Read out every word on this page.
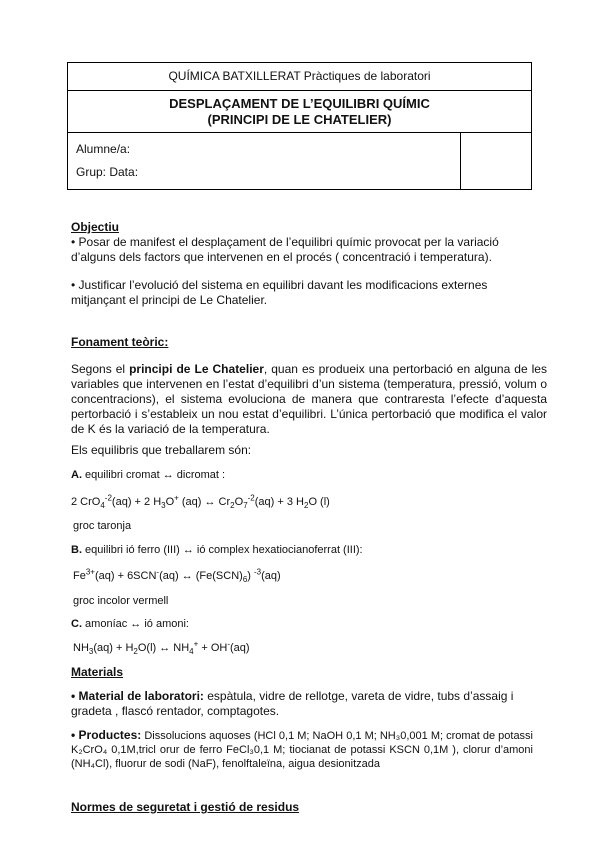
QUÍMICA BATXILLERAT Pràctiques de laboratori
DESPLAÇAMENT DE L’EQUILIBRI QUÍMIC
(PRINCIPI DE LE CHATELIER)
Alumne/a:
Grup: Data:
Objectiu
• Posar de manifest el desplaçament de l’equilibri químic provocat per la variació d’alguns dels factors que intervenen en el procés ( concentració i temperatura).
• Justificar l’evolució del sistema en equilibri davant les modificacions externes mitjançant el principi de Le Chatelier.
Fonament teòric:
Segons el principi de Le Chatelier, quan es produeix una pertorbació en alguna de les variables que intervenen en l’estat d’equilibri d’un sistema (temperatura, pressió, volum o concentracions), el sistema evoluciona de manera que contraresta l’efecte d’aquesta pertorbació i s’estableix un nou estat d’equilibri. L’única pertorbació que modifica el valor de K és la variació de la temperatura.
Els equilibris que treballarem són:
A. equilibri cromat ↔ dicromat :
2 CrO$_4^{-2}$(aq) + 2 $H_3O^+$ (aq) ↔ $Cr_2O_7^{-2}(aq) + 3$ $H_2O$ (l)
groc taronja
B. equilibri ió ferro (III) ↔ ió complex hexatiocianoferrat (III):
$Fe^{3+}(aq) + 6SCN^-(aq)$ ↔ $(Fe(SCN)_6)$ $^{-3}$(aq)
groc incolor vermell
C. amoníac ↔ ió amoni:
$NH_3(aq) + H_2O(l)$ ↔ $NH_4^+ + OH^-(aq)$
Materials
• Material de laboratori: espàtula, vidre de rellotge, vareta de vidre, tubs d’assaig i gradeta , flascó rentador, comptagotes.
• Productes: Dissolucions aquoses (HCl 0,1 M; NaOH 0,1 M; NH₃0,001 M; cromat de potassi K₂CrO₄ 0,1M,tricl orur de ferro FeCl₃0,1 M; tiocianat de potassi KSCN 0,1M ), clorur d’amoni (NH₄Cl), fluorur de sodi (NaF), fenolftaleïna, aigua desionitzada
Normes de seguretat i gestió de residus
